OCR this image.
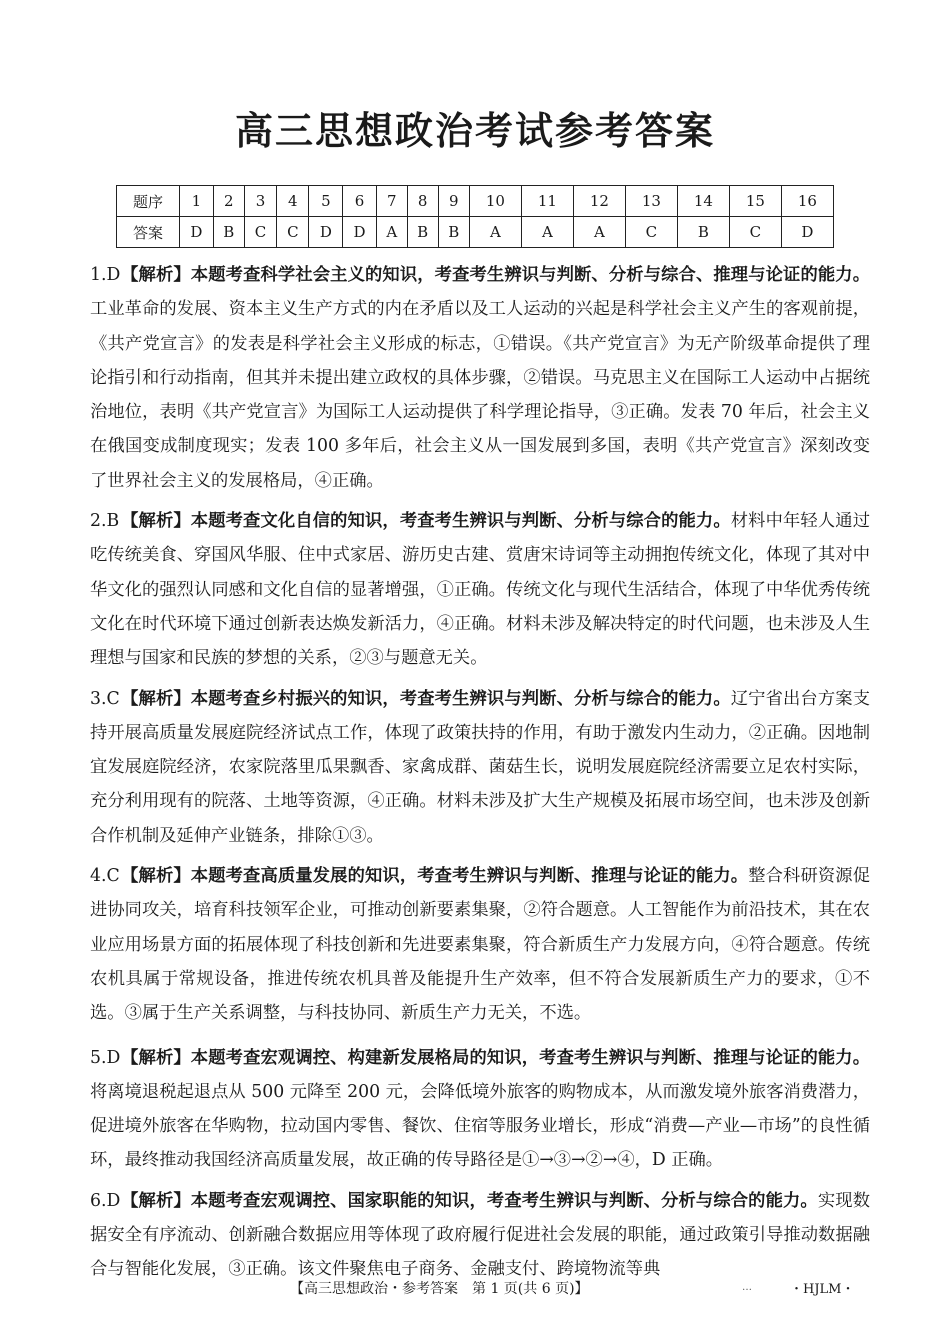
高三思想政治考试参考答案
题序	1	2	3	4	5	6	7	8	9	10	11	12	13	14	15	16
答案	D	B	C	C	D	D	A	B	B	A	A	A	C	B	C	D

1.D【解析】本题考查科学社会主义的知识，考查考生辨识与判断、分析与综合、推理与论证的能力。工业革命的发展、资本主义生产方式的内在矛盾以及工人运动的兴起是科学社会主义产生的客观前提，《共产党宣言》的发表是科学社会主义形成的标志，①错误。《共产党宣言》为无产阶级革命提供了理论指引和行动指南，但其并未提出建立政权的具体步骤，②错误。马克思主义在国际工人运动中占据统治地位，表明《共产党宣言》为国际工人运动提供了科学理论指导，③正确。发表 70 年后，社会主义在俄国变成制度现实；发表 100 多年后，社会主义从一国发展到多国，表明《共产党宣言》深刻改变了世界社会主义的发展格局，④正确。

2.B 【解析】本题考查文化自信的知识，考查考生辨识与判断、分析与综合的能力。材料中年轻人通过吃传统美食、穿国风华服、住中式家居、游历史古建、赏唐宋诗词等主动拥抱传统文化，体现了其对中华文化的强烈认同感和文化自信的显著增强，①正确。传统文化与现代生活结合，体现了中华优秀传统文化在时代环境下通过创新表达焕发新活力，④正确。材料未涉及解决特定的时代问题，也未涉及人生理想与国家和民族的梦想的关系，②③与题意无关。

3.C【解析】本题考查乡村振兴的知识，考查考生辨识与判断、分析与综合的能力。辽宁省出台方案支持开展高质量发展庭院经济试点工作，体现了政策扶持的作用，有助于激发内生动力，②正确。因地制宜发展庭院经济，农家院落里瓜果飘香、家禽成群、菌菇生长，说明发展庭院经济需要立足农村实际，充分利用现有的院落、土地等资源，④正确。材料未涉及扩大生产规模及拓展市场空间，也未涉及创新合作机制及延伸产业链条，排除①③。

4.C【解析】本题考查高质量发展的知识，考查考生辨识与判断、推理与论证的能力。整合科研资源促进协同攻关，培育科技领军企业，可推动创新要素集聚，②符合题意。人工智能作为前沿技术，其在农业应用场景方面的拓展体现了科技创新和先进要素集聚，符合新质生产力发展方向，④符合题意。传统农机具属于常规设备，推进传统农机具普及能提升生产效率，但不符合发展新质生产力的要求，①不选。③属于生产关系调整，与科技协同、新质生产力无关，不选。

5.D【解析】本题考查宏观调控、构建新发展格局的知识，考查考生辨识与判断、推理与论证的能力。将离境退税起退点从 500 元降至 200 元，会降低境外旅客的购物成本，从而激发境外旅客消费潜力，促进境外旅客在华购物，拉动国内零售、餐饮、住宿等服务业增长，形成“消费—产业—市场”的良性循环，最终推动我国经济高质量发展，故正确的传导路径是①→③→②→④，D 正确。

6.D【解析】本题考查宏观调控、国家职能的知识，考查考生辨识与判断、分析与综合的能力。实现数据安全有序流动、创新融合数据应用等体现了政府履行促进社会发展的职能，通过政策引导推动数据融合与智能化发展，③正确。该文件聚焦电子商务、金融支付、跨境物流等典

【高三思想政治・参考答案　第 1 页(共 6 页)】	…	・HJLM・
